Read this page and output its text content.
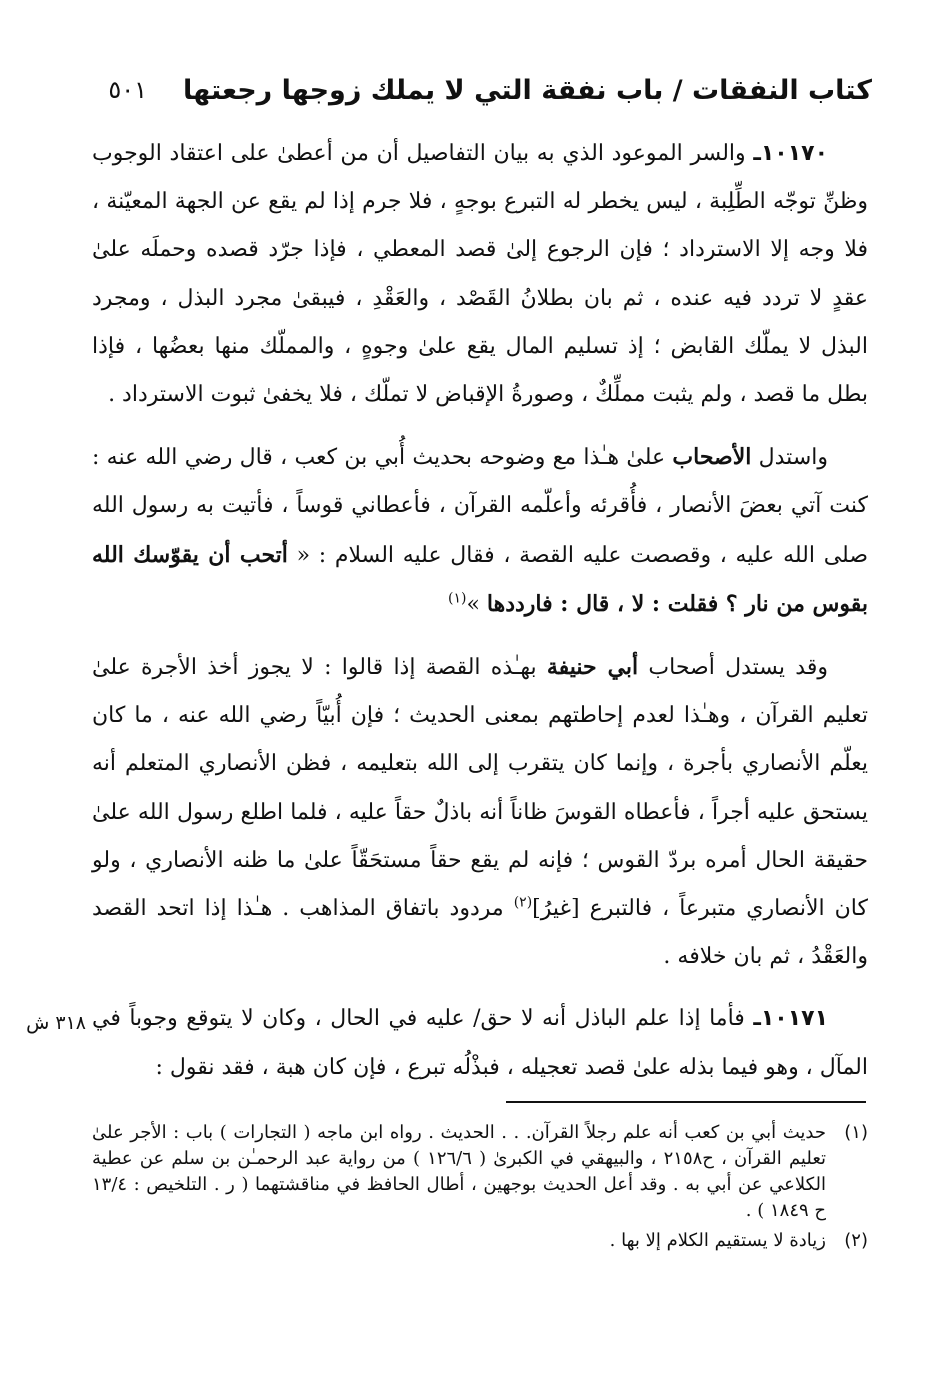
كتاب النفقات / باب نفقة التي لا يملك زوجها رجعتها
٥٠١
٣١٨ ش

١٠١٧٠ـ والسر الموعود الذي به بيان التفاصيل أن من أعطىٰ على اعتقاد الوجوب وظنِّ توجّه الطِّلِبة ، ليس يخطر له التبرع بوجهٍ ، فلا جرم إذا لم يقع عن الجهة المعيّنة ، فلا وجه إلا الاسترداد ؛ فإن الرجوع إلىٰ قصد المعطي ، فإذا جرّد قصده وحملَه علىٰ عقدٍ لا تردد فيه عنده ، ثم بان بطلانُ القَصْد ، والعَقْدِ ، فيبقىٰ مجرد البذل ، ومجرد البذل لا يملّك القابض ؛ إذ تسليم المال يقع علىٰ وجوهٍ ، والمملّك منها بعضُها ، فإذا بطل ما قصد ، ولم يثبت مملِّكٌ ، وصورةُ الإقباض لا تملّك ، فلا يخفىٰ ثبوت الاسترداد .

واستدل الأصحاب علىٰ هـٰذا مع وضوحه بحديث أُبي بن كعب ، قال رضي الله عنه : كنت آتي بعضَ الأنصار ، فأُقرئه وأعلّمه القرآن ، فأعطاني قوساً ، فأتيت به رسول الله صلى الله عليه ، وقصصت عليه القصة ، فقال عليه السلام : « أتحب أن يقوّسك الله بقوس من نار ؟ فقلت : لا ، قال : فارددها »$^{(١)}$

وقد يستدل أصحاب أبي حنيفة بهـٰذه القصة إذا قالوا : لا يجوز أخذ الأجرة علىٰ تعليم القرآن ، وهـٰذا لعدم إحاطتهم بمعنى الحديث ؛ فإن أُبيّاً رضي الله عنه ، ما كان يعلّم الأنصاري بأجرة ، وإنما كان يتقرب إلى الله بتعليمه ، فظن الأنصاري المتعلم أنه يستحق عليه أجراً ، فأعطاه القوسَ ظاناً أنه باذلٌ حقاً عليه ، فلما اطلع رسول الله علىٰ حقيقة الحال أمره بردّ القوس ؛ فإنه لم يقع حقاً مستحَقّاً علىٰ ما ظنه الأنصاري ، ولو كان الأنصاري متبرعاً ، فالتبرع [غيرُ]$^{(٢)}$ مردود باتفاق المذاهب . هـٰذا إذا اتحد القصد والعَقْدُ ، ثم بان خلافه .

١٠١٧١ـ فأما إذا علم الباذل أنه لا حق/ عليه في الحال ، وكان لا يتوقع وجوباً في المآل ، وهو فيما بذله علىٰ قصد تعجيله ، فبذْلُه تبرع ، فإن كان هبة ، فقد نقول :

(١)
حديث أبي بن كعب أنه علم رجلاً القرآن. . . الحديث . رواه ابن ماجه ( التجارات ) باب : الأجر علىٰ تعليم القرآن ، ح٢١٥٨ ، والبيهقي في الكبرىٰ ( ١٢٦/٦ ) من رواية عبد الرحمـٰن بن سلم عن عطية الكلاعي عن أبي به . وقد أعل الحديث بوجهين ، أطال الحافظ في مناقشتهما ( ر . التلخيص : ١٣/٤ ح ١٨٤٩ ) .
(٢)
زيادة لا يستقيم الكلام إلا بها .
